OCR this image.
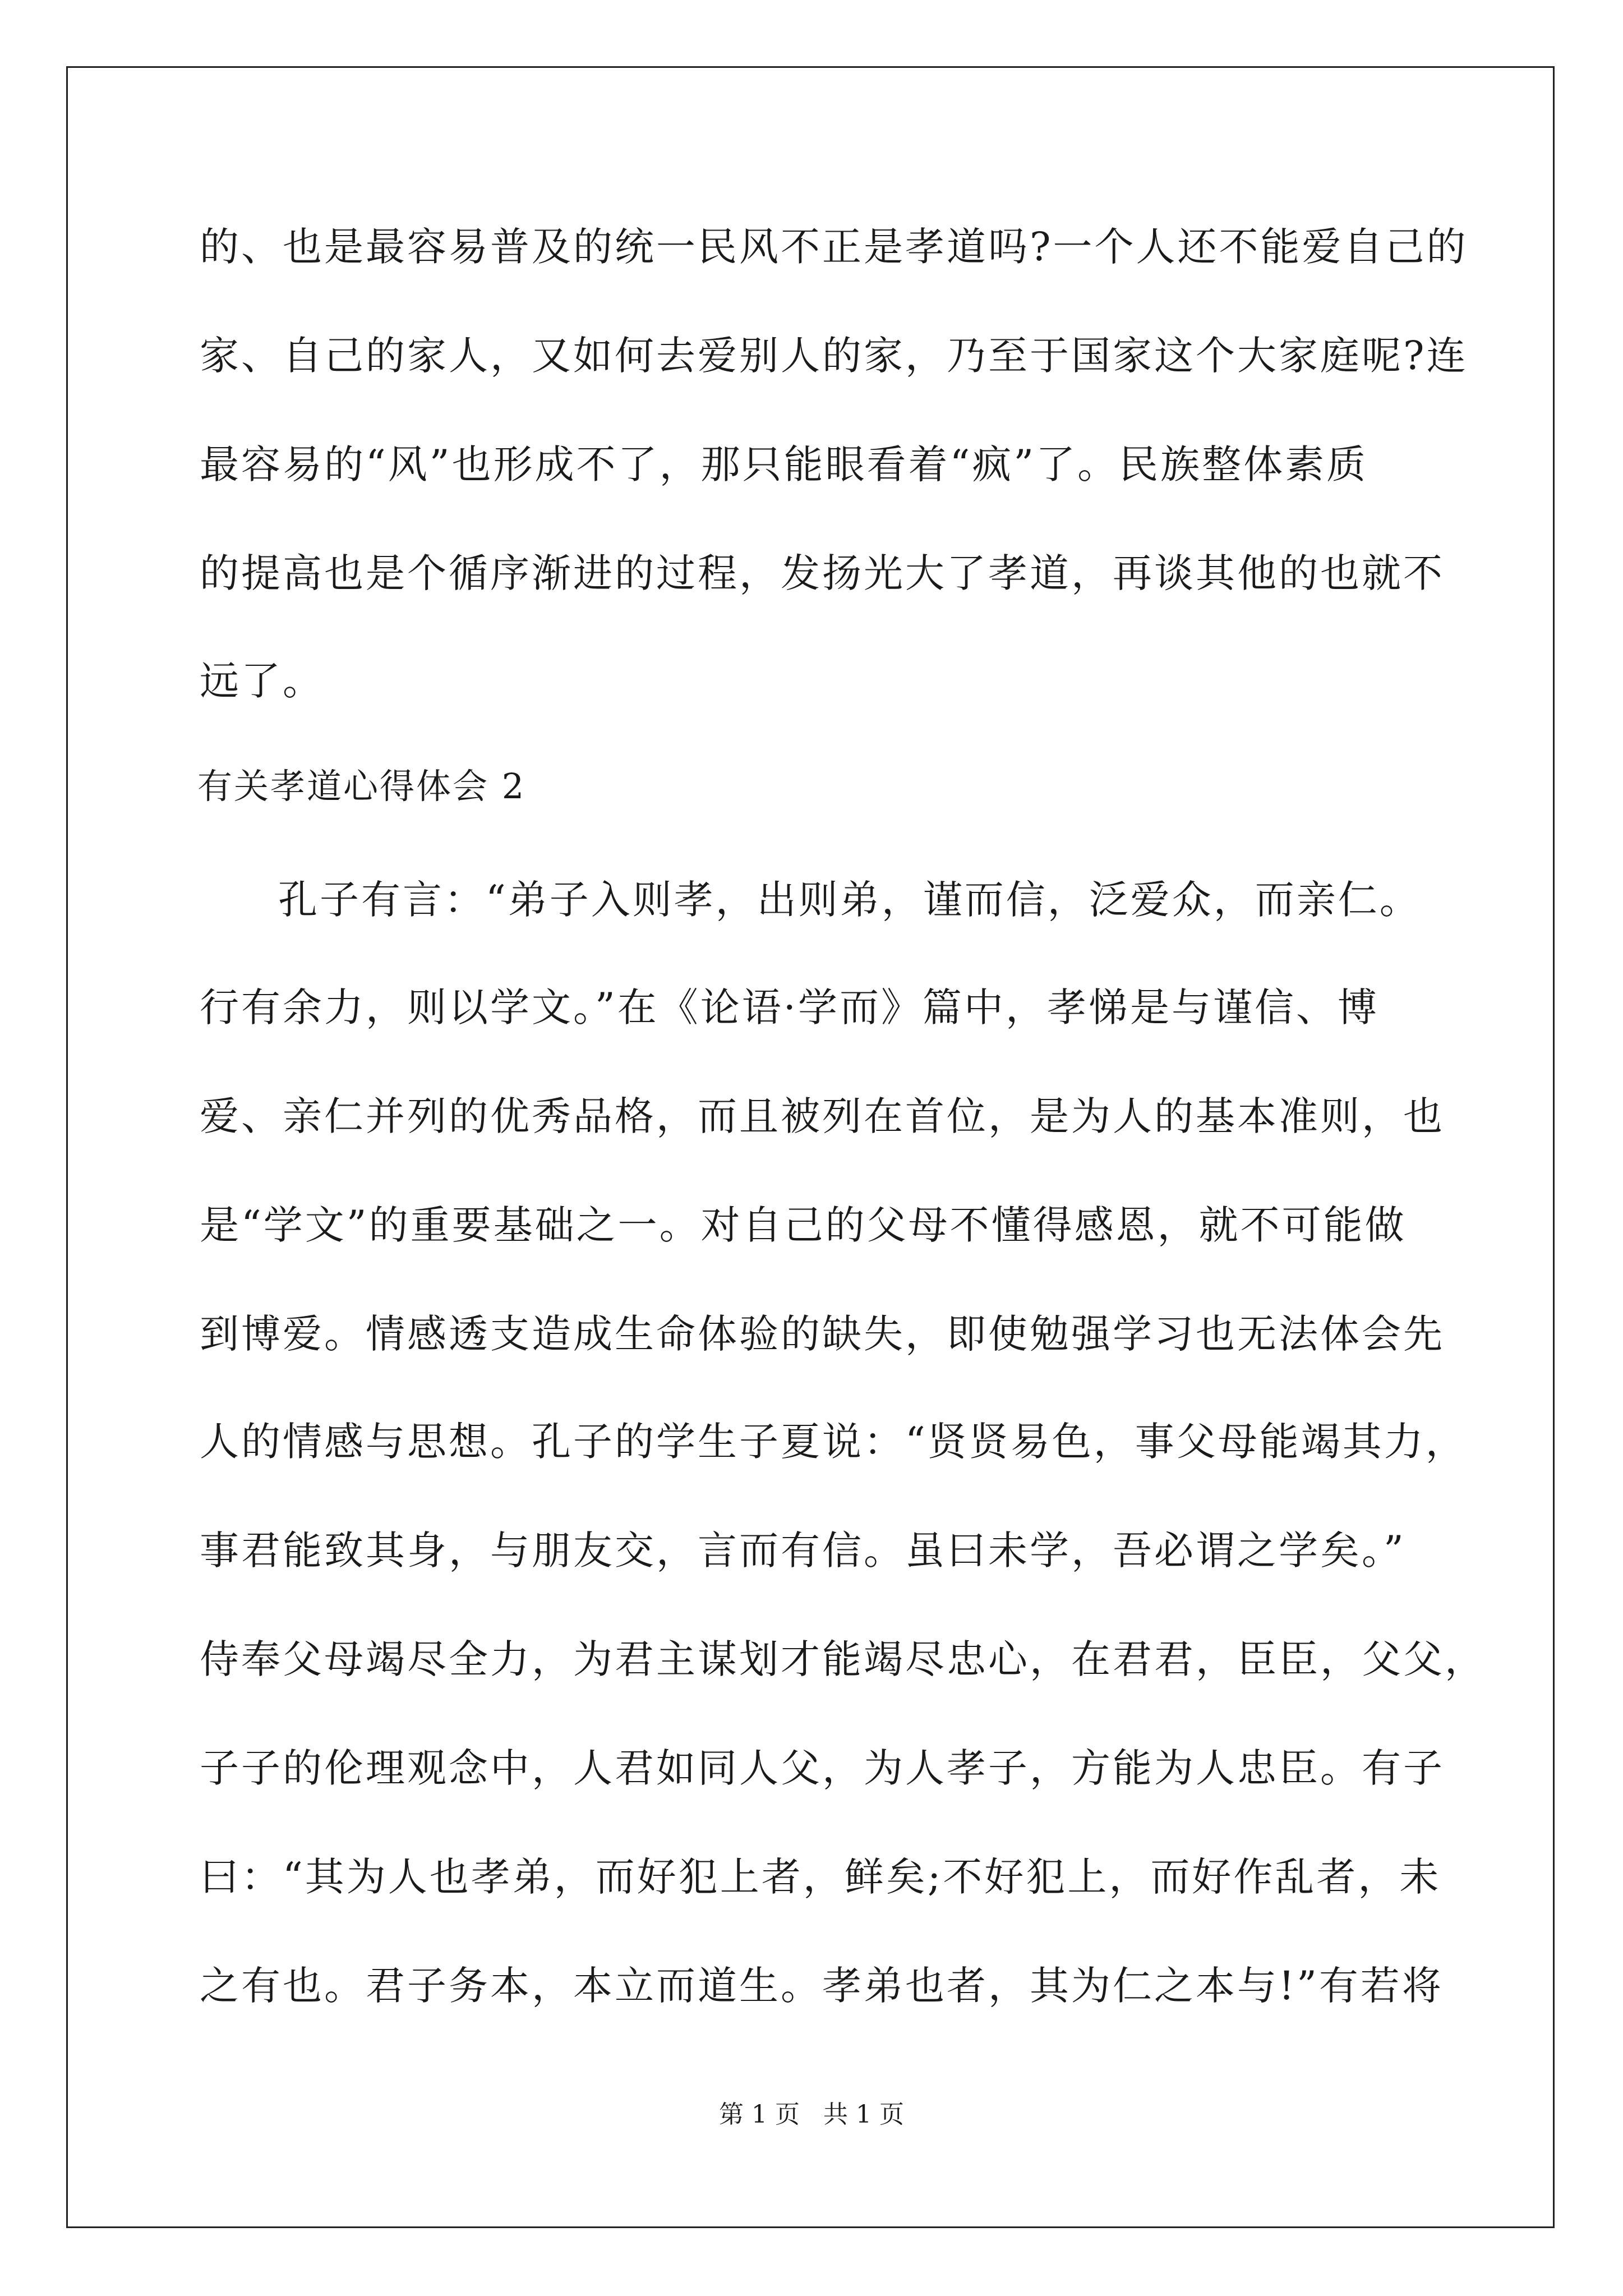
的、也是最容易普及的统一民风不正是孝道吗?一个人还不能爱自己的
家、自己的家人，又如何去爱别人的家，乃至于国家这个大家庭呢?连
最容易的“风”也形成不了，那只能眼看着“疯”了。民族整体素质
的提高也是个循序渐进的过程，发扬光大了孝道，再谈其他的也就不
远了。
有关孝道心得体会 2
孔子有言：“弟子入则孝，出则弟，谨而信，泛爱众，而亲仁。
行有余力，则以学文。”在《论语·学而》篇中，孝悌是与谨信、博
爱、亲仁并列的优秀品格，而且被列在首位，是为人的基本准则，也
是“学文”的重要基础之一。对自己的父母不懂得感恩，就不可能做
到博爱。情感透支造成生命体验的缺失，即使勉强学习也无法体会先
人的情感与思想。孔子的学生子夏说：“贤贤易色，事父母能竭其力，
事君能致其身，与朋友交，言而有信。虽曰未学，吾必谓之学矣。”
侍奉父母竭尽全力，为君主谋划才能竭尽忠心，在君君，臣臣，父父，
子子的伦理观念中，人君如同人父，为人孝子，方能为人忠臣。有子
曰：“其为人也孝弟，而好犯上者，鲜矣;不好犯上，而好作乱者，未
之有也。君子务本，本立而道生。孝弟也者，其为仁之本与!”有若将
第 1 页   共 1 页
